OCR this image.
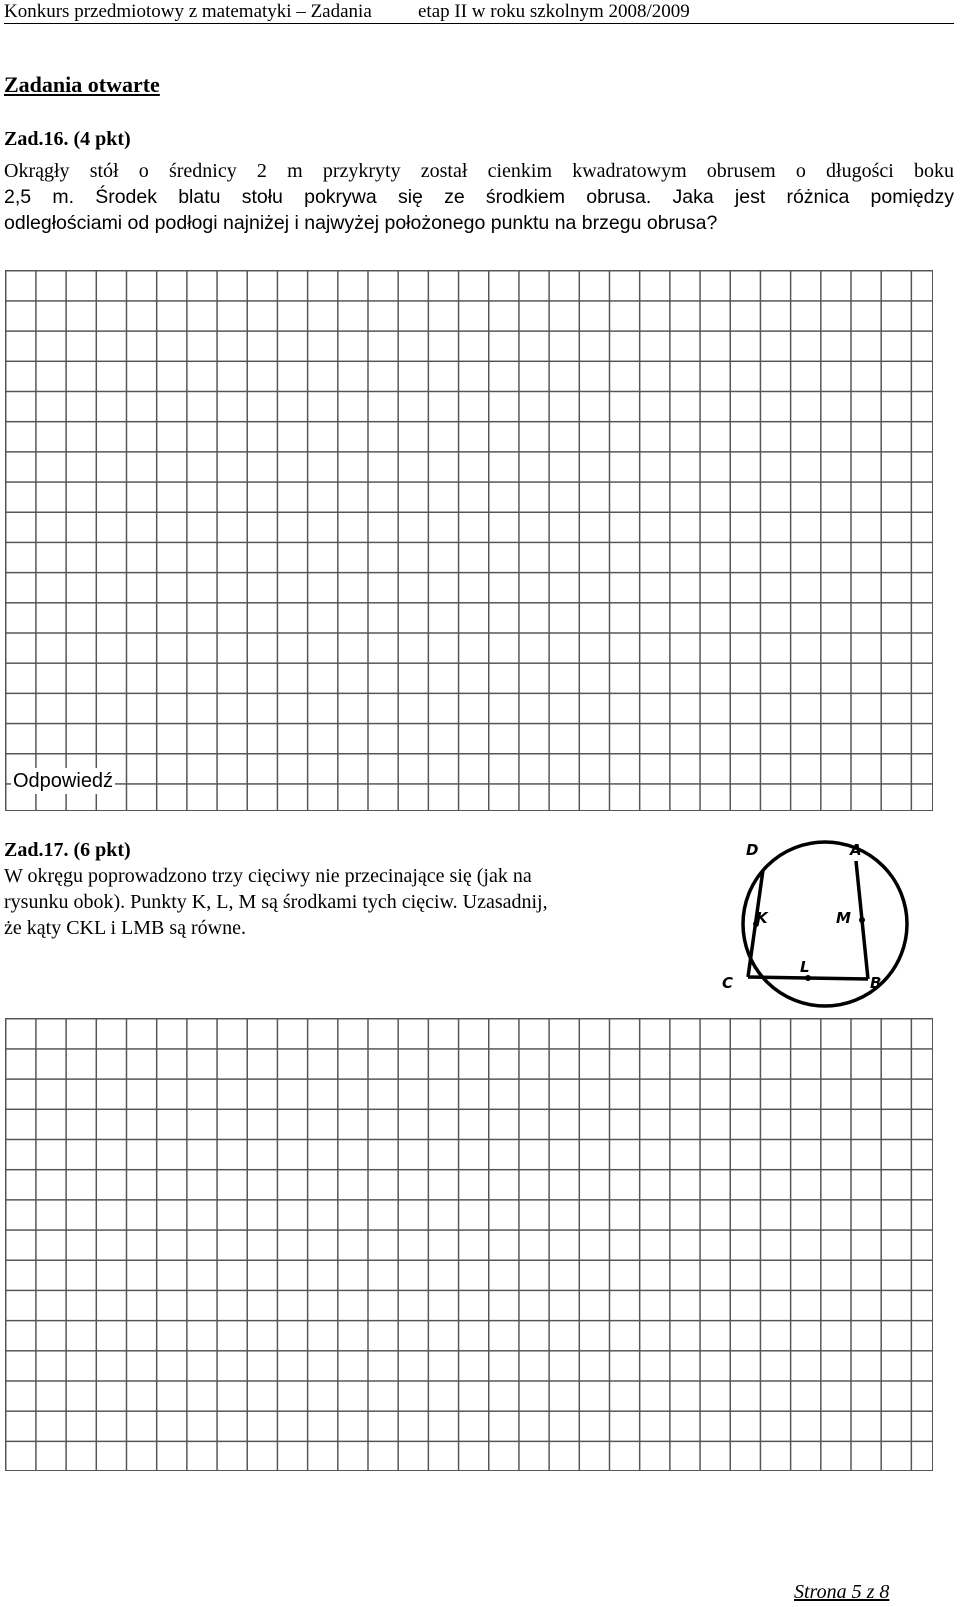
Konkurs przedmiotowy z matematyki – Zadania etap II w roku szkolnym 2008/2009
Zadania otwarte
Zad.16. (4 pkt)
Okrągły stół o średnicy 2 m przykryty został cienkim kwadratowym obrusem o długości boku
2,5 m. Środek blatu stołu pokrywa się ze środkiem obrusa. Jaka jest różnica pomiędzy
odległościami od podłogi najniżej i najwyżej położonego punktu na brzegu obrusa?
Odpowiedź
Zad.17. (6 pkt)
W okręgu poprowadzono trzy cięciwy nie przecinające się (jak na
rysunku obok). Punkty K, L, M są środkami tych cięciw. Uzasadnij,
że kąty CKL i LMB są równe.
D	A
K	M
L
C	B
Strona 5 z 8
